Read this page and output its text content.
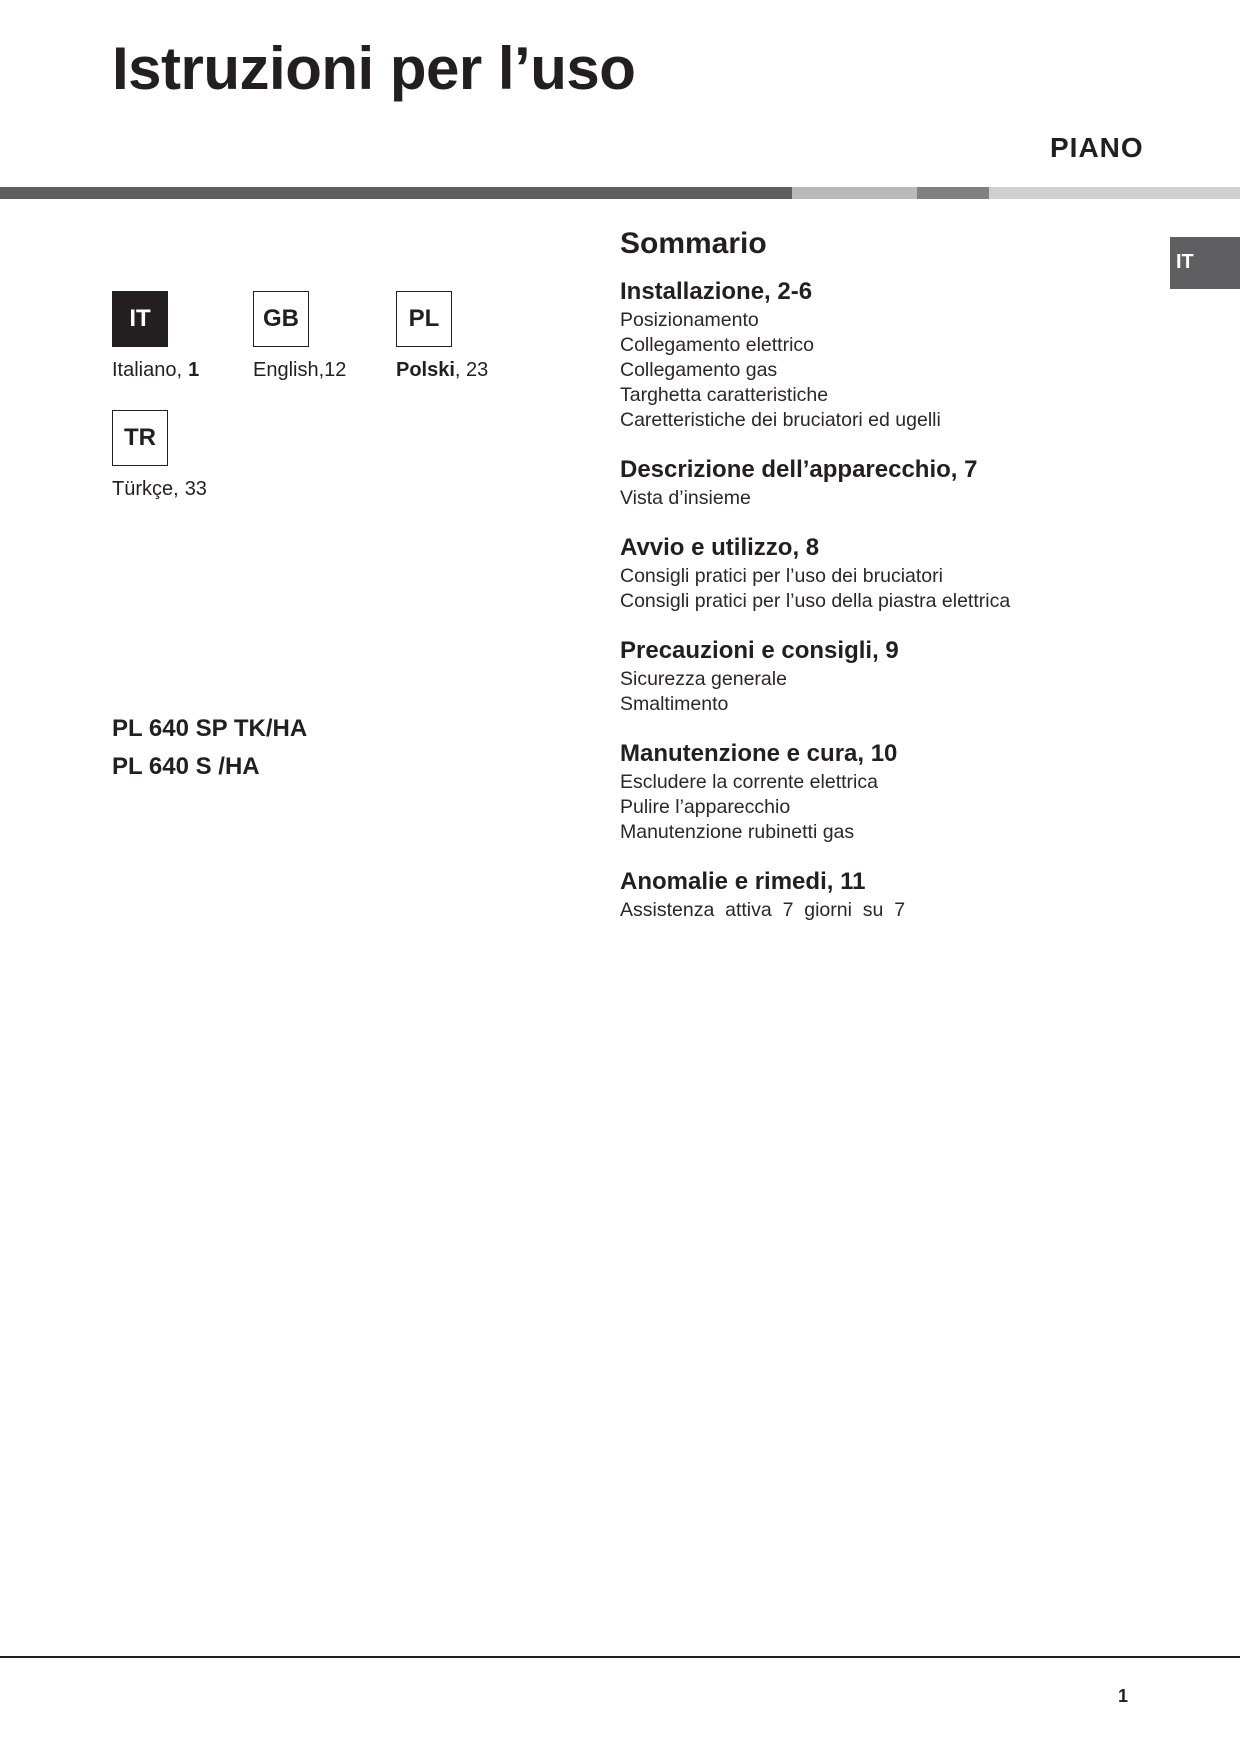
Istruzioni per l’uso
PIANO
IT
IT
Italiano, 1
GB
English,12
PL
Polski, 23
TR
Türkçe, 33
PL 640 SP TK/HA
PL 640 S /HA
Sommario
Installazione, 2-6
Posizionamento
Collegamento elettrico
Collegamento gas
Targhetta caratteristiche
Caretteristiche dei bruciatori ed ugelli
Descrizione dell’apparecchio, 7
Vista d’insieme
Avvio e utilizzo, 8
Consigli pratici per l’uso dei bruciatori
Consigli pratici per l’uso della piastra elettrica
Precauzioni e consigli, 9
Sicurezza generale
Smaltimento
Manutenzione e cura, 10
Escludere la corrente elettrica
Pulire l’apparecchio
Manutenzione rubinetti gas
Anomalie e rimedi, 11
Assistenza  attiva  7  giorni  su  7
1
